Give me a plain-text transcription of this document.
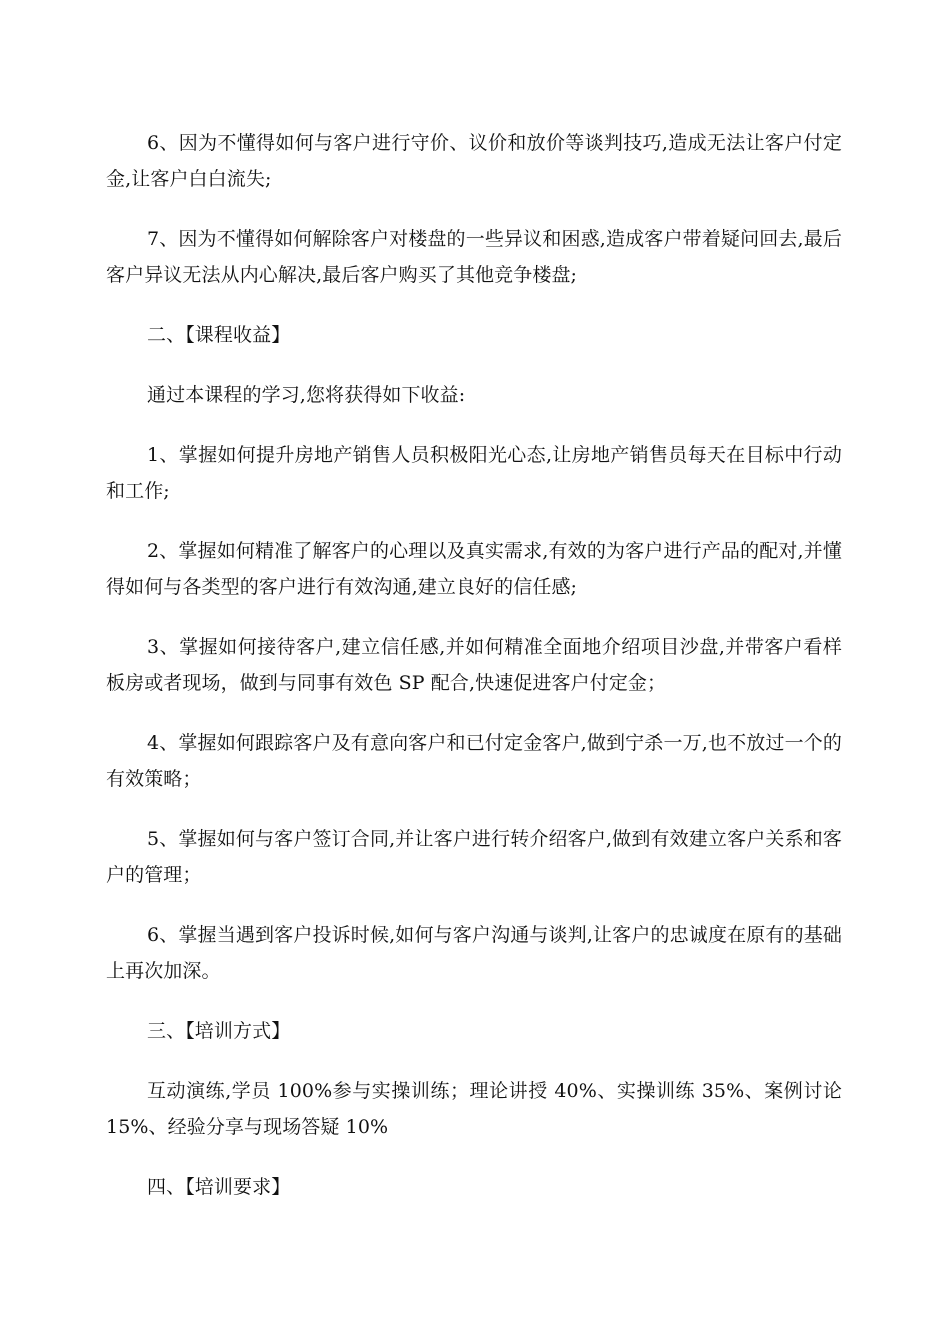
6、因为不懂得如何与客户进行守价、议价和放价等谈判技巧,造成无法让客户付定金,让客户白白流失;

7、因为不懂得如何解除客户对楼盘的一些异议和困惑,造成客户带着疑问回去,最后客户异议无法从内心解决,最后客户购买了其他竞争楼盘;

二、【课程收益】

通过本课程的学习,您将获得如下收益:

1、掌握如何提升房地产销售人员积极阳光心态,让房地产销售员每天在目标中行动和工作;

2、掌握如何精准了解客户的心理以及真实需求,有效的为客户进行产品的配对,并懂得如何与各类型的客户进行有效沟通,建立良好的信任感;

3、掌握如何接待客户,建立信任感,并如何精准全面地介绍项目沙盘,并带客户看样板房或者现场，做到与同事有效色 SP 配合,快速促进客户付定金；

4、掌握如何跟踪客户及有意向客户和已付定金客户,做到宁杀一万,也不放过一个的有效策略；

5、掌握如何与客户签订合同,并让客户进行转介绍客户,做到有效建立客户关系和客户的管理；

6、掌握当遇到客户投诉时候,如何与客户沟通与谈判,让客户的忠诚度在原有的基础上再次加深。

三、【培训方式】

互动演练,学员 100%参与实操训练；理论讲授 40%、实操训练 35%、案例讨论 15%、经验分享与现场答疑 10%

四、【培训要求】
